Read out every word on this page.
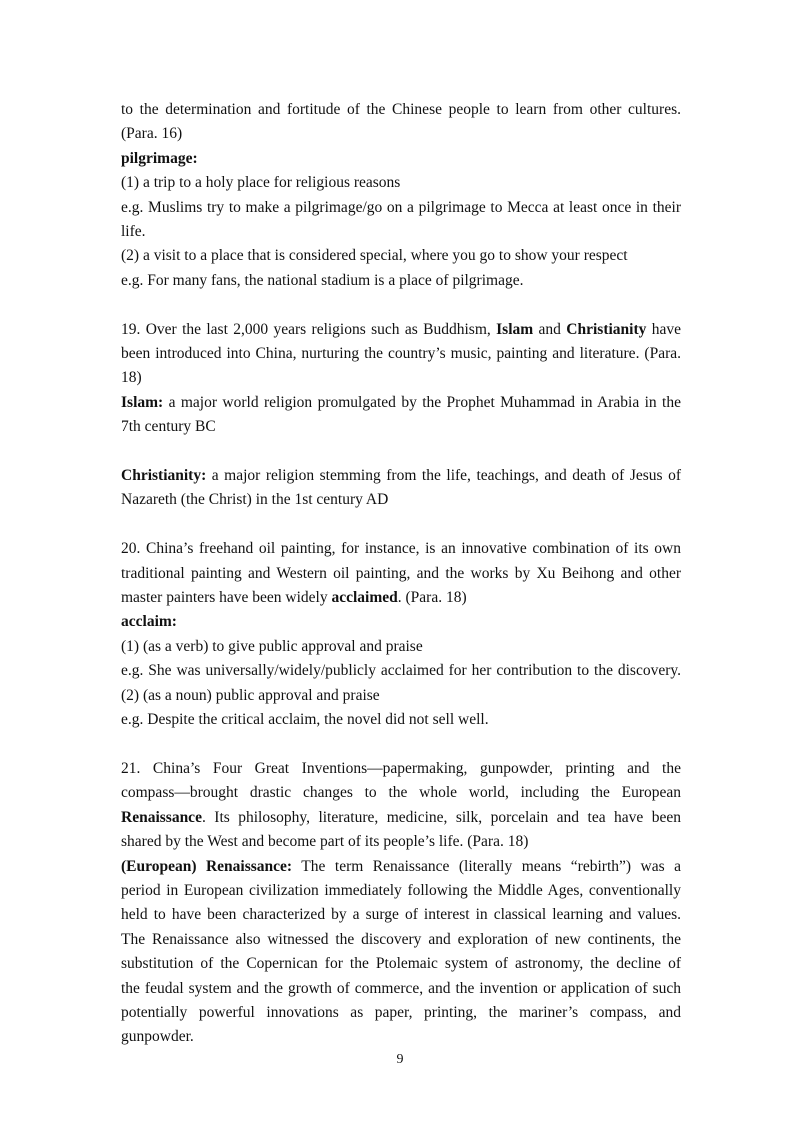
to the determination and fortitude of the Chinese people to learn from other cultures.
(Para. 16)
pilgrimage:
(1) a trip to a holy place for religious reasons
e.g. Muslims try to make a pilgrimage/go on a pilgrimage to Mecca at least once in their
life.
(2) a visit to a place that is considered special, where you go to show your respect
e.g. For many fans, the national stadium is a place of pilgrimage.
19. Over the last 2,000 years religions such as Buddhism, Islam and Christianity have
been introduced into China, nurturing the country’s music, painting and literature. (Para.
18)
Islam: a major world religion promulgated by the Prophet Muhammad in Arabia in the
7th century BC
Christianity: a major religion stemming from the life, teachings, and death of Jesus of
Nazareth (the Christ) in the 1st century AD
20. China’s freehand oil painting, for instance, is an innovative combination of its own
traditional painting and Western oil painting, and the works by Xu Beihong and other
master painters have been widely acclaimed. (Para. 18)
acclaim:
(1) (as a verb) to give public approval and praise
e.g. She was universally/widely/publicly acclaimed for her contribution to the discovery.
(2) (as a noun) public approval and praise
e.g. Despite the critical acclaim, the novel did not sell well.
21. China’s Four Great Inventions—papermaking, gunpowder, printing and the
compass—brought drastic changes to the whole world, including the European
Renaissance. Its philosophy, literature, medicine, silk, porcelain and tea have been
shared by the West and become part of its people’s life. (Para. 18)
(European) Renaissance: The term Renaissance (literally means “rebirth”) was a
period in European civilization immediately following the Middle Ages, conventionally
held to have been characterized by a surge of interest in classical learning and values.
The Renaissance also witnessed the discovery and exploration of new continents, the
substitution of the Copernican for the Ptolemaic system of astronomy, the decline of
the feudal system and the growth of commerce, and the invention or application of such
potentially powerful innovations as paper, printing, the mariner’s compass, and
gunpowder.
9
